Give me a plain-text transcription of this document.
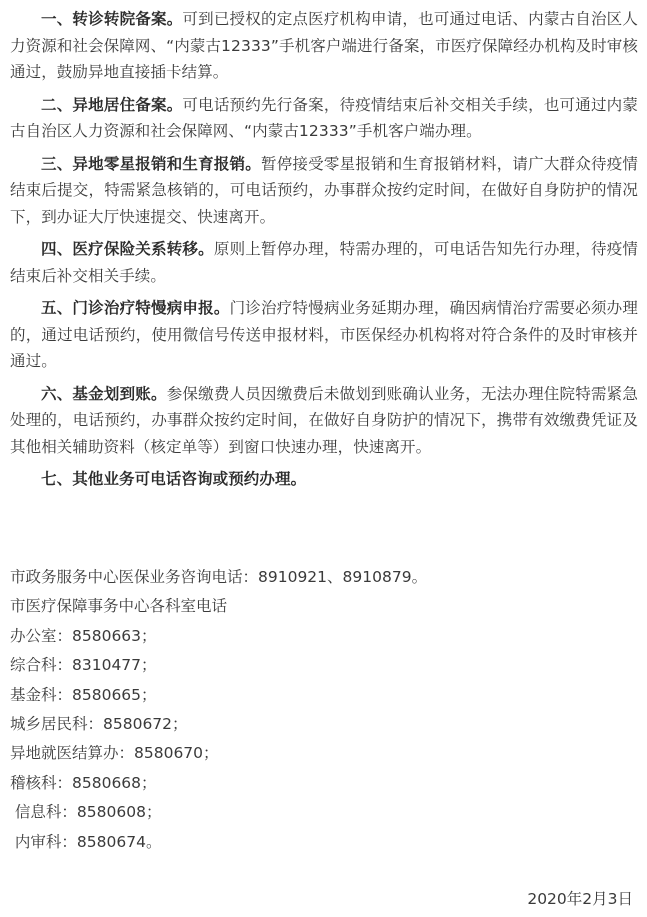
一、转诊转院备案。可到已授权的定点医疗机构申请，也可通过电话、内蒙古自治区人力资源和社会保障网、“内蒙古12333”手机客户端进行备案，市医疗保障经办机构及时审核通过，鼓励异地直接插卡结算。

二、异地居住备案。可电话预约先行备案，待疫情结束后补交相关手续，也可通过内蒙古自治区人力资源和社会保障网、“内蒙古12333”手机客户端办理。

三、异地零星报销和生育报销。暂停接受零星报销和生育报销材料，请广大群众待疫情结束后提交，特需紧急核销的，可电话预约，办事群众按约定时间，在做好自身防护的情况下，到办证大厅快速提交、快速离开。

四、医疗保险关系转移。原则上暂停办理，特需办理的，可电话告知先行办理，待疫情结束后补交相关手续。

五、门诊治疗特慢病申报。门诊治疗特慢病业务延期办理，确因病情治疗需要必须办理的，通过电话预约，使用微信号传送申报材料，市医保经办机构将对符合条件的及时审核并通过。

六、基金划到账。参保缴费人员因缴费后未做划到账确认业务，无法办理住院特需紧急处理的，电话预约，办事群众按约定时间，在做好自身防护的情况下，携带有效缴费凭证及其他相关辅助资料（核定单等）到窗口快速办理，快速离开。

七、其他业务可电话咨询或预约办理。

市政务服务中心医保业务咨询电话：8910921、8910879。
市医疗保障事务中心各科室电话
办公室：8580663；
综合科：8310477；
基金科：8580665；
城乡居民科：8580672；
异地就医结算办：8580670；
稽核科：8580668；
信息科：8580608；
内审科：8580674。
2020年2月3日
